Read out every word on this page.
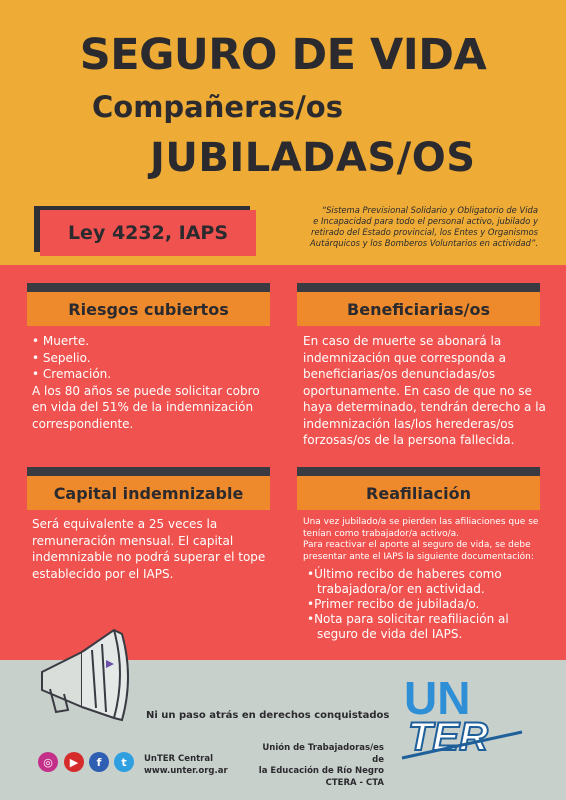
SEGURO DE VIDA
Compañeras/os
JUBILADAS/OS
Ley 4232, IAPS
“Sistema Previsional Solidario y Obligatorio de Vida
e Incapacidad para todo el personal activo, jubilado y
retirado del Estado provincial, los Entes y Organismos
Autárquicos y los Bomberos Voluntarios en actividad”.
Riesgos cubiertos
• Muerte.
• Sepelio.
• Cremación.
A los 80 años se puede solicitar cobro
en vida del 51% de la indemnización
correspondiente.
Beneficiarias/os
En caso de muerte se abonará la
indemnización que corresponda a
beneficiarias/os denunciadas/os
oportunamente. En caso de que no se
haya determinado, tendrán derecho a la
indemnización las/los herederas/os
forzosas/os de la persona fallecida.
Capital indemnizable
Será equivalente a 25 veces la
remuneración mensual. El capital
indemnizable no podrá superar el tope
establecido por el IAPS.
Reafiliación
Una vez jubilado/a se pierden las afiliaciones que se
tenían como trabajador/a activo/a.
Para reactivar el aporte al seguro de vida, se debe
presentar ante el IAPS la siguiente documentación:
• Último recibo de haberes como trabajadora/or en actividad.
• Primer recibo de jubilada/o.
• Nota para solicitar reafiliación al seguro de vida del IAPS.
Ni un paso atrás en derechos conquistados
◎	▶	f	t	UnTER Central
www.unter.org.ar
Unión de Trabajadoras/es de
la Educación de Río Negro
CTERA - CTA
UN
TER
